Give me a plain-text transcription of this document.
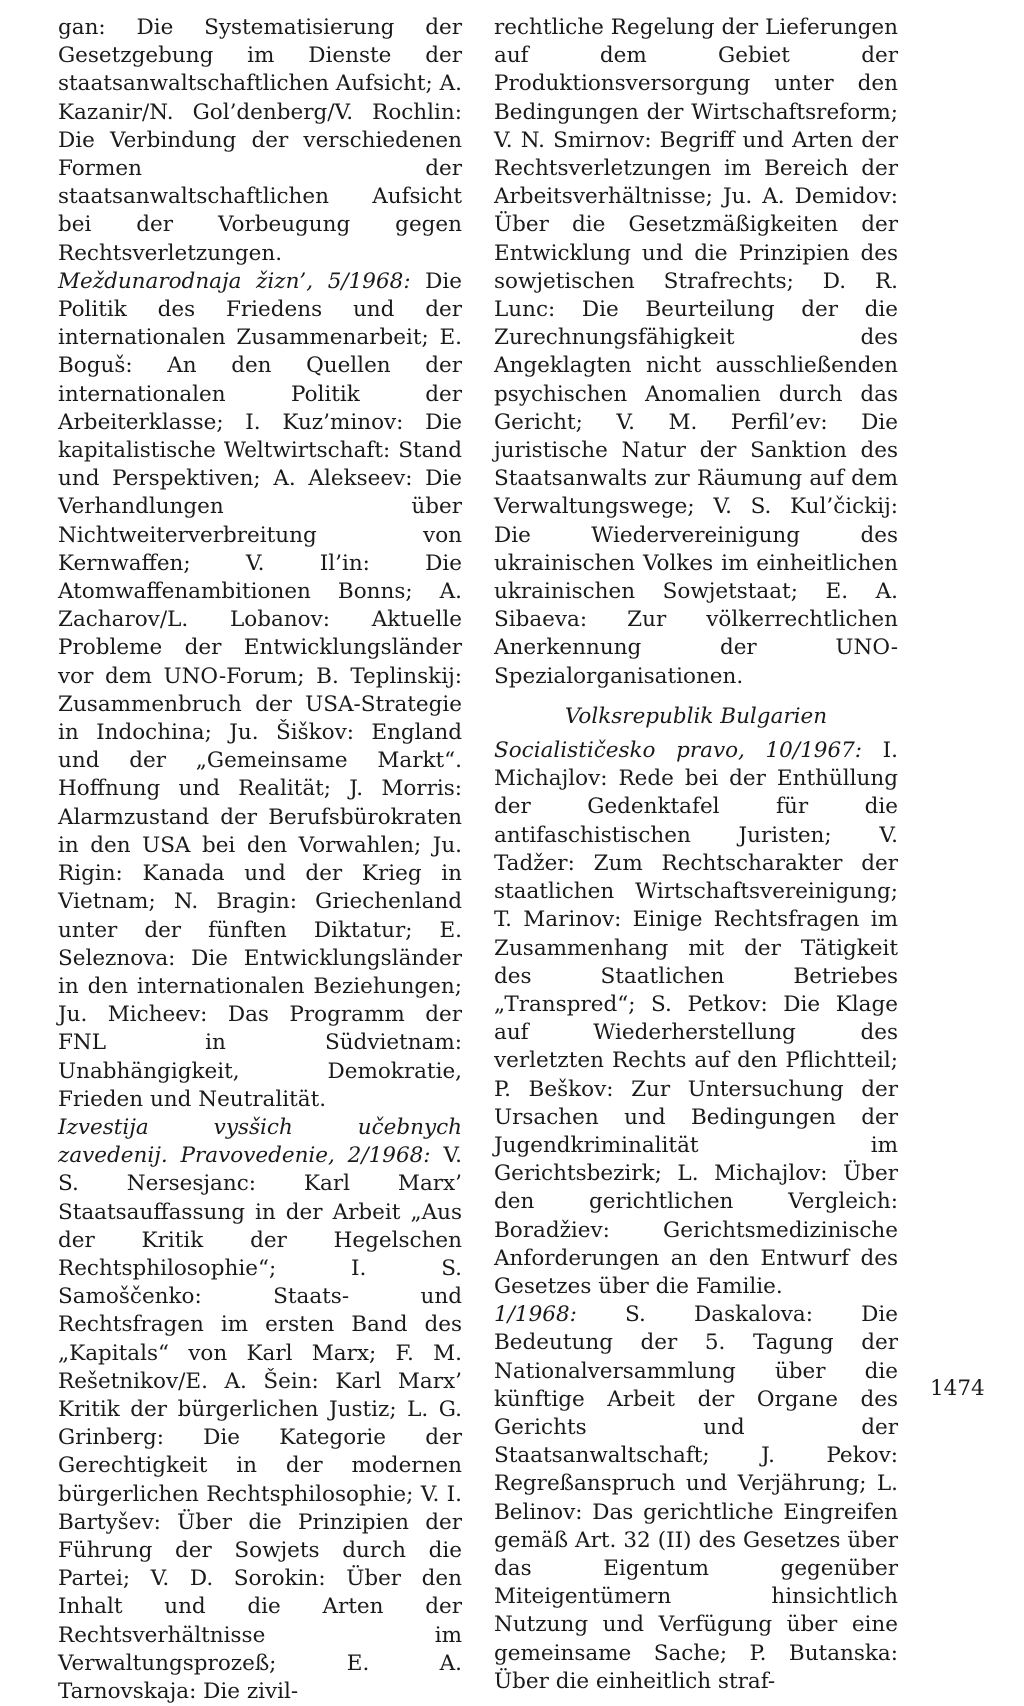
gan: Die Systematisierung der Gesetzgebung im Dienste der staatsanwaltschaftlichen Aufsicht; A. Kazanir/N. Gol’denberg/V. Rochlin: Die Verbindung der verschiedenen Formen der staatsanwaltschaftlichen Aufsicht bei der Vorbeugung gegen Rechtsverletzungen.

Meždunarodnaja žizn’, 5/1968: Die Politik des Friedens und der internationalen Zusammenarbeit; E. Boguš: An den Quellen der internationalen Politik der Arbeiterklasse; I. Kuz’minov: Die kapitalistische Weltwirtschaft: Stand und Perspektiven; A. Alekseev: Die Verhandlungen über Nichtweiterverbreitung von Kernwaffen; V. Il’in: Die Atomwaffenambitionen Bonns; A. Zacharov/L. Lobanov: Aktuelle Probleme der Entwicklungsländer vor dem UNO-Forum; B. Teplinskij: Zusammenbruch der USA-Strategie in Indochina; Ju. Šiškov: England und der „Gemeinsame Markt“. Hoffnung und Realität; J. Morris: Alarmzustand der Berufsbürokraten in den USA bei den Vorwahlen; Ju. Rigin: Kanada und der Krieg in Vietnam; N. Bragin: Griechenland unter der fünften Diktatur; E. Seleznova: Die Entwicklungsländer in den internationalen Beziehungen; Ju. Micheev: Das Programm der FNL in Südvietnam: Unabhängigkeit, Demokratie, Frieden und Neutralität.

Izvestija vysšich učebnych zavedenij. Pravovedenie, 2/1968: V. S. Nersesjanc: Karl Marx’ Staatsauffassung in der Arbeit „Aus der Kritik der Hegelschen Rechtsphilosophie“; I. S. Samoščenko: Staats- und Rechtsfragen im ersten Band des „Kapitals“ von Karl Marx; F. M. Rešetnikov/E. A. Šein: Karl Marx’ Kritik der bürgerlichen Justiz; L. G. Grinberg: Die Kategorie der Gerechtigkeit in der modernen bürgerlichen Rechtsphilosophie; V. I. Bartyšev: Über die Prinzipien der Führung der Sowjets durch die Partei; V. D. Sorokin: Über den Inhalt und die Arten der Rechtsverhältnisse im Verwaltungsprozeß; E. A. Tarnovskaja: Die zivil-

rechtliche Regelung der Lieferungen auf dem Gebiet der Produktionsversorgung unter den Bedingungen der Wirtschaftsreform; V. N. Smirnov: Begriff und Arten der Rechtsverletzungen im Bereich der Arbeitsverhältnisse; Ju. A. Demidov: Über die Gesetzmäßigkeiten der Entwicklung und die Prinzipien des sowjetischen Strafrechts; D. R. Lunc: Die Beurteilung der die Zurechnungsfähigkeit des Angeklagten nicht ausschließenden psychischen Anomalien durch das Gericht; V. M. Perfil’ev: Die juristische Natur der Sanktion des Staatsanwalts zur Räumung auf dem Verwaltungswege; V. S. Kul’čickij: Die Wiedervereinigung des ukrainischen Volkes im einheitlichen ukrainischen Sowjetstaat; E. A. Sibaeva: Zur völkerrechtlichen Anerkennung der UNO-Spezialorganisationen.

Volksrepublik Bulgarien

Socialističesko pravo, 10/1967: I. Michajlov: Rede bei der Enthüllung der Gedenktafel für die antifaschistischen Juristen; V. Tadžer: Zum Rechtscharakter der staatlichen Wirtschaftsvereinigung; T. Marinov: Einige Rechtsfragen im Zusammenhang mit der Tätigkeit des Staatlichen Betriebes „Transpred“; S. Petkov: Die Klage auf Wiederherstellung des verletzten Rechts auf den Pflichtteil; P. Beškov: Zur Untersuchung der Ursachen und Bedingungen der Jugendkriminalität im Gerichtsbezirk; L. Michajlov: Über den gerichtlichen Vergleich: Boradžiev: Gerichtsmedizinische Anforderungen an den Entwurf des Gesetzes über die Familie.

1/1968: S. Daskalova: Die Bedeutung der 5. Tagung der Nationalversammlung über die künftige Arbeit der Organe des Gerichts und der Staatsanwaltschaft; J. Pekov: Regreßanspruch und Verjährung; L. Belinov: Das gerichtliche Eingreifen gemäß Art. 32 (II) des Gesetzes über das Eigentum gegenüber Miteigentümern hinsichtlich Nutzung und Verfügung über eine gemeinsame Sache; P. Butanska: Über die einheitlich straf-

1474
